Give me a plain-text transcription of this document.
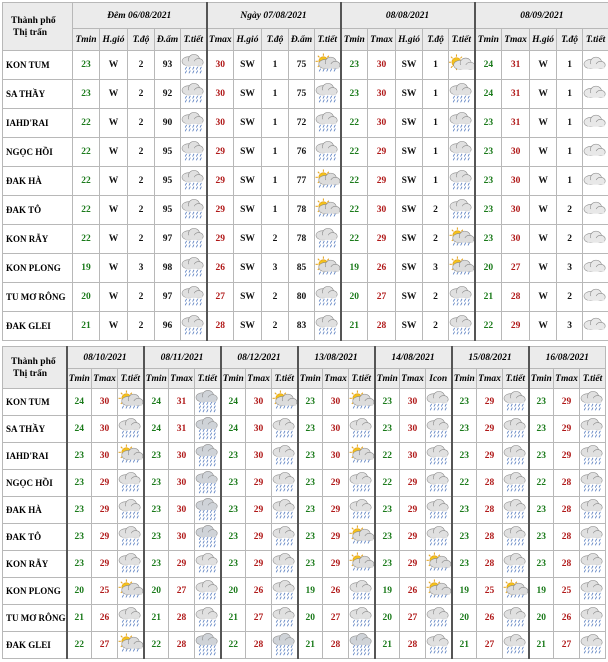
Thành phố
Thị trấn	Đêm 06/08/2021					Ngày 07/08/2021					08/08/2021					08/09/2021				
	Tmin	H.gió	T.độ	Đ.ẩm	T.tiết	Tmax	H.gió	T.độ	Đ.ẩm	T.tiết	Tmin	Tmax	H.gió	T.độ	T.tiết	Tmin	Tmax	H.gió	T.độ	T.tiết
KON TUM	23	W	2	93		30	SW	1	75		23	30	SW	1		24	31	W	1	

SA THẦY	23	W	2	92		30	SW	1	75		23	30	SW	1		24	31	W	1	

IAHD'RAI	22	W	2	90		30	SW	1	72		22	30	SW	1		23	31	W	1	

NGỌC HỒI	22	W	2	95		29	SW	1	76		22	29	SW	1		23	30	W	1	

ĐAK HÀ	22	W	2	95		29	SW	1	77		22	29	SW	1		23	30	W	1	

ĐAK TÔ	22	W	2	95		29	SW	1	78		22	30	SW	2		23	30	W	2	

KON RẪY	22	W	2	97		29	SW	2	78		22	29	SW	2		23	30	W	2	

KON PLONG	19	W	3	98		26	SW	3	85		19	26	SW	3		20	27	W	3	

TU MƠ RÔNG	20	W	2	97		27	SW	2	80		20	27	SW	2		21	28	W	2	

ĐAK GLEI	21	W	2	96		28	SW	2	83		21	28	SW	2		22	29	W	3	
Thành phố
Thị trấn	08/10/2021			08/11/2021			08/12/2021			13/08/2021			14/08/2021			15/08/2021			16/08/2021		
	Tmin	Tmax	T.tiết	Tmin	Tmax	T.tiết	Tmin	Tmax	T.tiết	Tmin	Tmax	T.tiết	Tmin	Tmax	Icon	Tmin	Tmax	T.tiết	Tmin	Tmax	T.tiết
KON TUM	24	30		24	31		24	30		23	30		23	30		23	29		23	29	

SA THẦY	24	30		24	31		24	30		23	30		23	30		23	29		23	29	

IAHD'RAI	23	30		23	30		23	30		23	30		22	30		23	29		23	29	

NGỌC HỒI	23	29		23	30		23	29		23	29		22	29		22	28		22	28	

ĐAK HÀ	23	29		23	30		23	29		23	29		23	29		23	28		23	28	

ĐAK TÔ	23	29		23	30		23	29		23	29		23	29		23	28		23	28	

KON RẪY	23	29		23	29		23	29		23	29		23	29		23	28		23	28	

KON PLONG	20	25		20	27		20	26		19	26		19	26		19	25		19	25	

TU MƠ RÔNG	21	26		21	28		21	27		20	27		20	27		20	26		20	26	

ĐAK GLEI	22	27		22	28		22	28		21	28		21	28		21	27		21	27	
